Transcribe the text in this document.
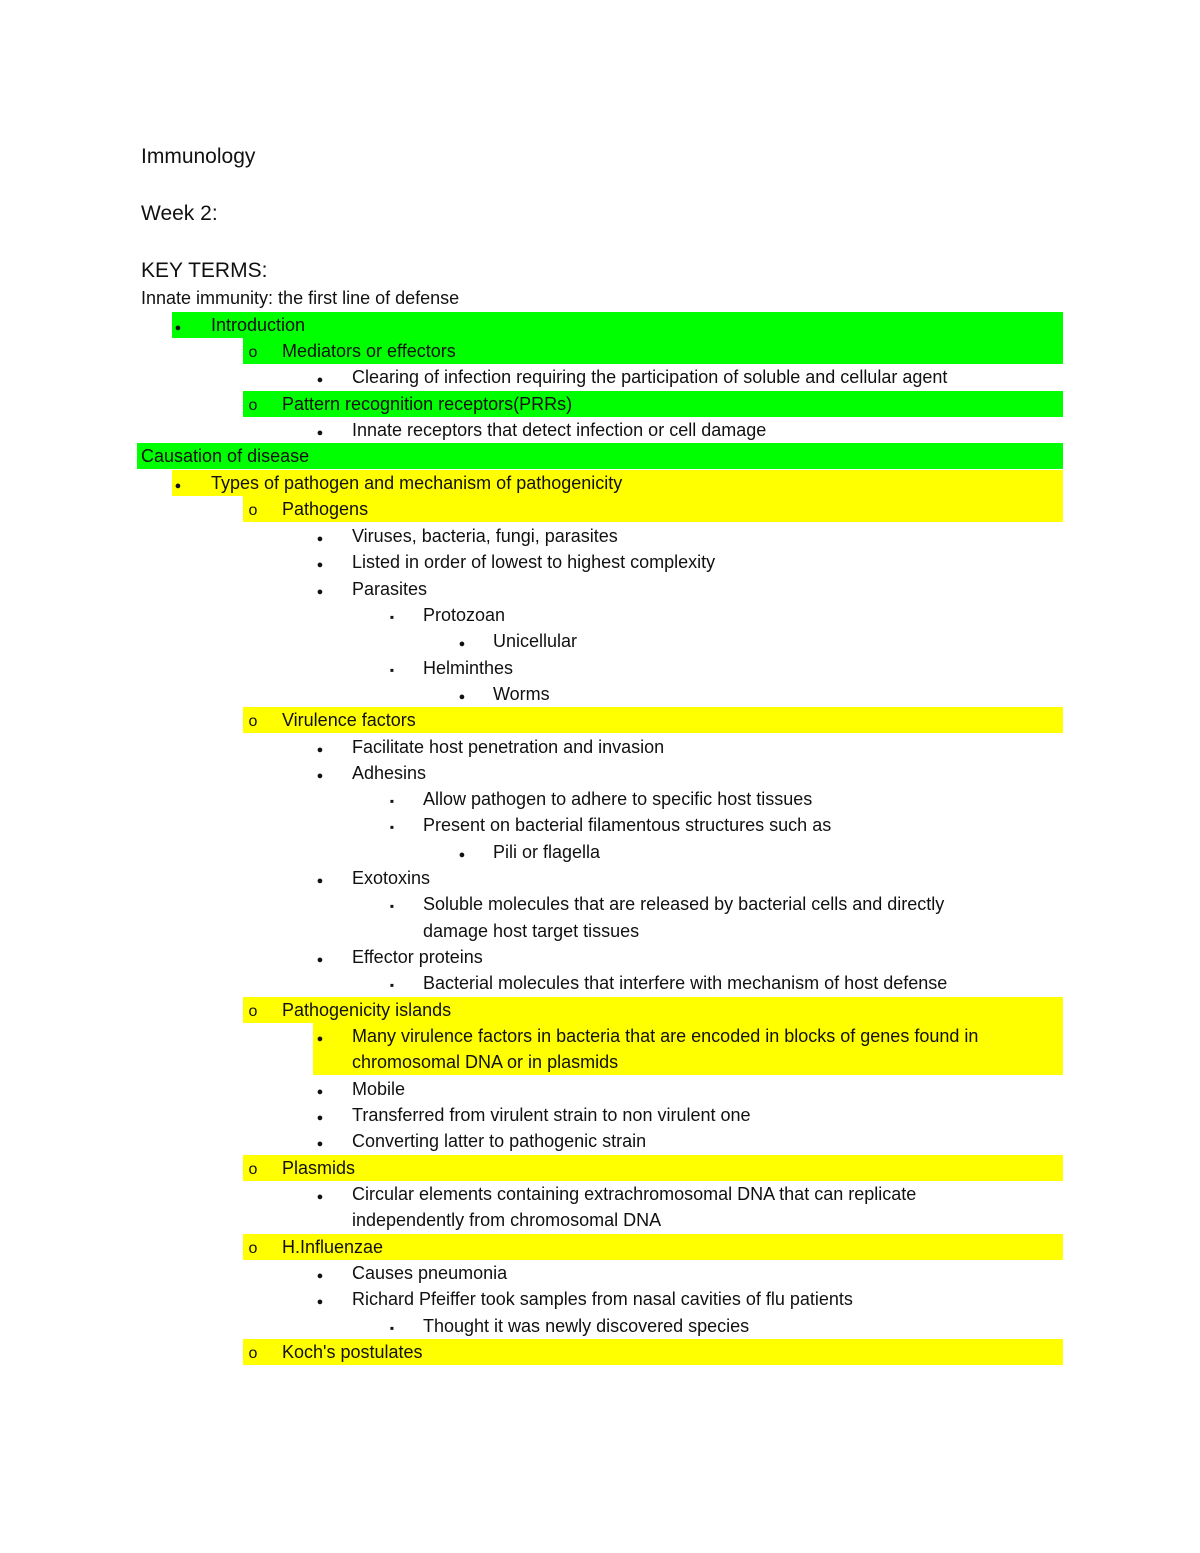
Immunology
Week 2:
KEY TERMS:
Innate immunity: the first line of defense
●
Introduction
o
Mediators or effectors
●
Clearing of infection requiring the participation of soluble and cellular agent
o
Pattern recognition receptors(PRRs)
●
Innate receptors that detect infection or cell damage
Causation of disease
●
Types of pathogen and mechanism of pathogenicity
o
Pathogens
●
Viruses, bacteria, fungi, parasites
●
Listed in order of lowest to highest complexity
●
Parasites
▪
Protozoan
●
Unicellular
▪
Helminthes
●
Worms
o
Virulence factors
●
Facilitate host penetration and invasion
●
Adhesins
▪
Allow pathogen to adhere to specific host tissues
▪
Present on bacterial filamentous structures such as
●
Pili or flagella
●
Exotoxins
▪
Soluble molecules that are released by bacterial cells and directly
damage host target tissues
●
Effector proteins
▪
Bacterial molecules that interfere with mechanism of host defense
o
Pathogenicity islands
●
Many virulence factors in bacteria that are encoded in blocks of genes found in
chromosomal DNA or in plasmids
●
Mobile
●
Transferred from virulent strain to non virulent one
●
Converting latter to pathogenic strain
o
Plasmids
●
Circular elements containing extrachromosomal DNA that can replicate
independently from chromosomal DNA
o
H.Influenzae
●
Causes pneumonia
●
Richard Pfeiffer took samples from nasal cavities of flu patients
▪
Thought it was newly discovered species
o
Koch's postulates
